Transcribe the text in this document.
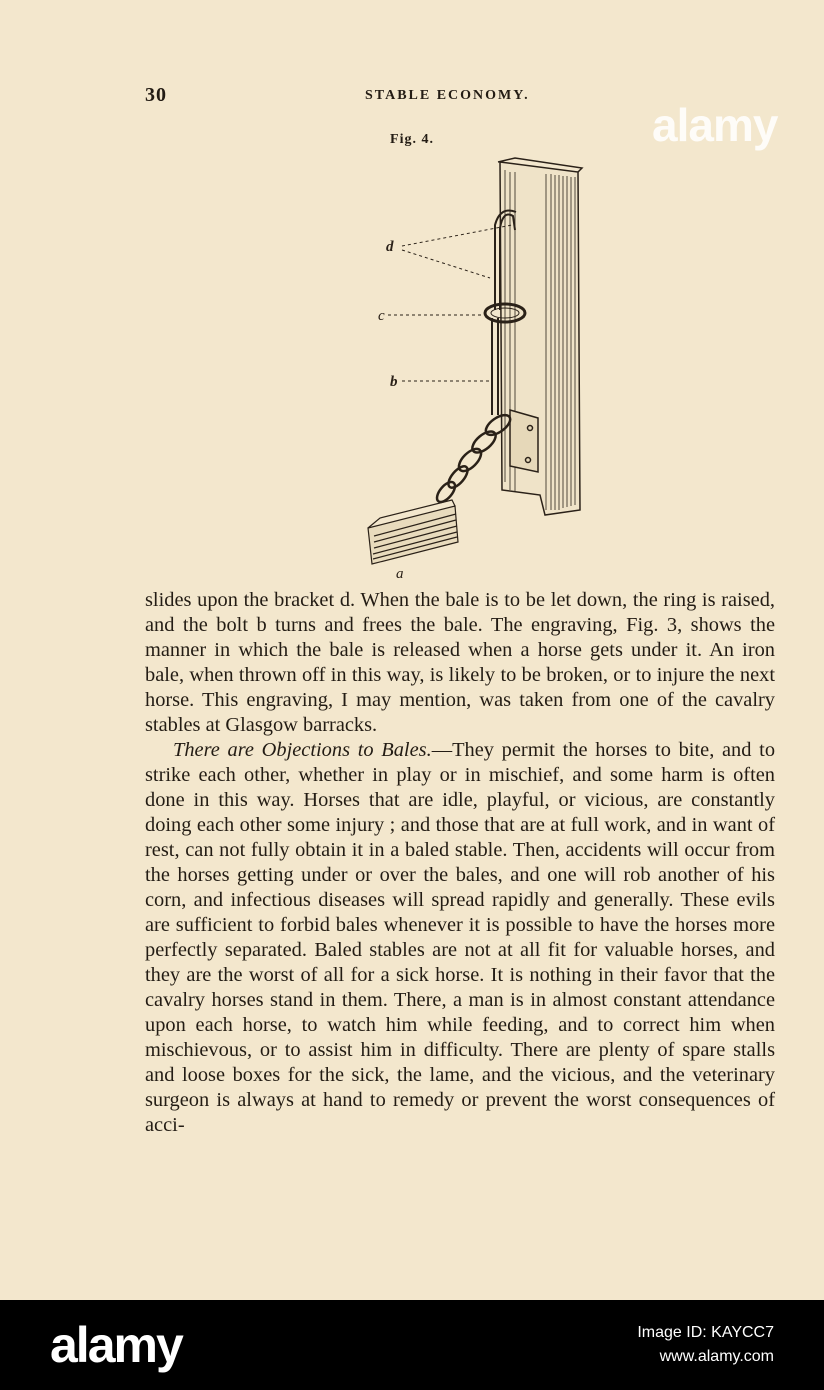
30	STABLE ECONOMY.
Fig. 4.
d
c
b
a

slides upon the bracket d. When the bale is to be let down, the ring is raised, and the bolt b turns and frees the bale. The engraving, Fig. 3, shows the manner in which the bale is released when a horse gets under it. An iron bale, when thrown off in this way, is likely to be broken, or to injure the next horse. This engraving, I may mention, was taken from one of the cavalry stables at Glasgow barracks.

There are Objections to Bales.—They permit the horses to bite, and to strike each other, whether in play or in mischief, and some harm is often done in this way. Horses that are idle, playful, or vicious, are constantly doing each other some injury ; and those that are at full work, and in want of rest, can not fully obtain it in a baled stable. Then, accidents will occur from the horses getting under or over the bales, and one will rob another of his corn, and infectious diseases will spread rapidly and generally. These evils are sufficient to forbid bales whenever it is possible to have the horses more perfectly separated. Baled stables are not at all fit for valuable horses, and they are the worst of all for a sick horse. It is nothing in their favor that the cavalry horses stand in them. There, a man is in almost constant attendance upon each horse, to watch him while feeding, and to correct him when mischievous, or to assist him in difficulty. There are plenty of spare stalls and loose boxes for the sick, the lame, and the vicious, and the veterinary surgeon is always at hand to remedy or prevent the worst consequences of acci-

alamy
alamy	Image ID: KAYCC7
www.alamy.com
